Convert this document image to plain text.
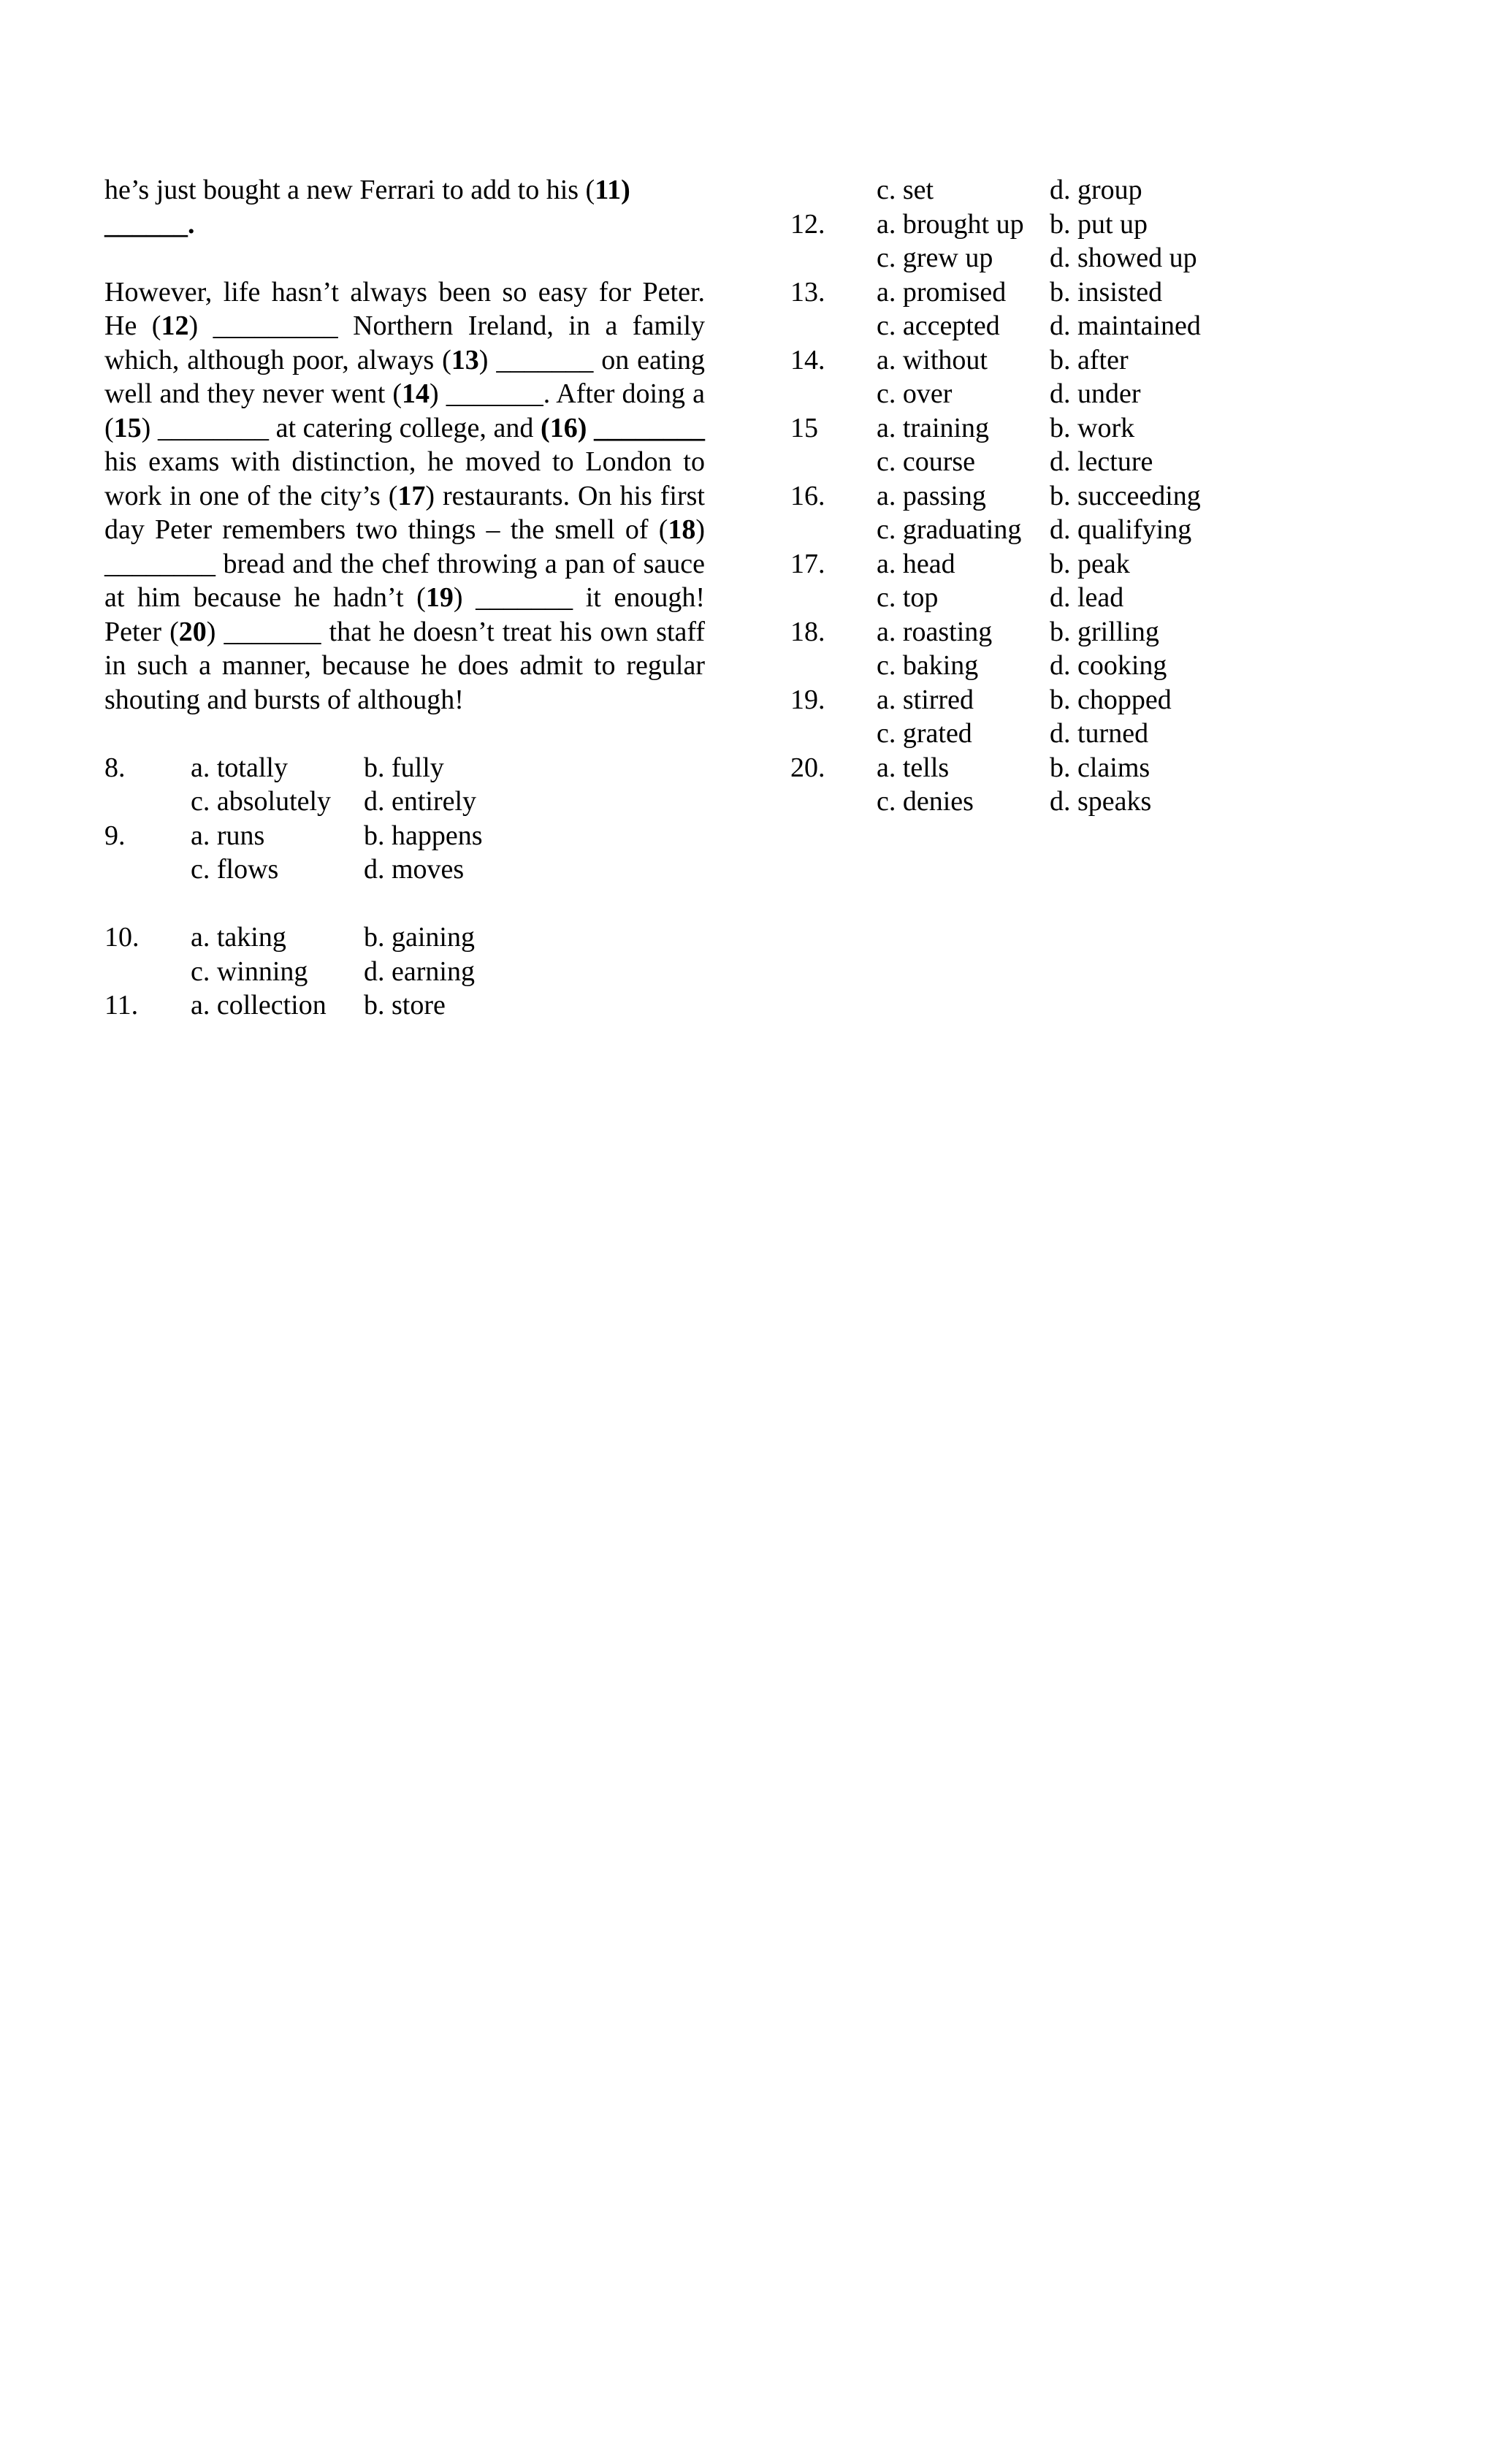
he’s just bought a new Ferrari to add to his (11)
______.

However, life hasn’t always been so easy for Peter. He (12) _________ Northern Ireland, in a family which, although poor, always (13) _______ on eating well and they never went (14) _______. After doing a (15) ________ at catering college, and (16) ________ his exams with distinction, he moved to London to work in one of the city’s (17) restaurants. On his first day Peter remembers two things – the smell of (18) ________ bread and the chef throwing a pan of sauce at him because he hadn’t (19) _______ it enough! Peter (20) _______ that he doesn’t treat his own staff in such a manner, because he does admit to regular shouting and bursts of although!

8.	a. totally	b. fully
c. absolutely	d. entirely
9.	a. runs	b. happens
c. flows	d. moves
10.	a. taking	b. gaining
c. winning	d. earning
11.	a. collection	b. store
c. set	d. group
12.	a. brought up b. put up
c. grew up	d. showed up
13.	a. promised	b. insisted
c. accepted	d. maintained
14.	a. without	b. after
c. over	d. under
15	a. training	b. work
c. course	d. lecture
16.	a. passing	b. succeeding
c. graduating	d. qualifying
17.	a. head	b. peak
c. top	d. lead
18.	a. roasting	b. grilling
c. baking	d. cooking
19.	a. stirred	b. chopped
c. grated	d. turned
20.	a. tells	b. claims
c. denies	d. speaks
